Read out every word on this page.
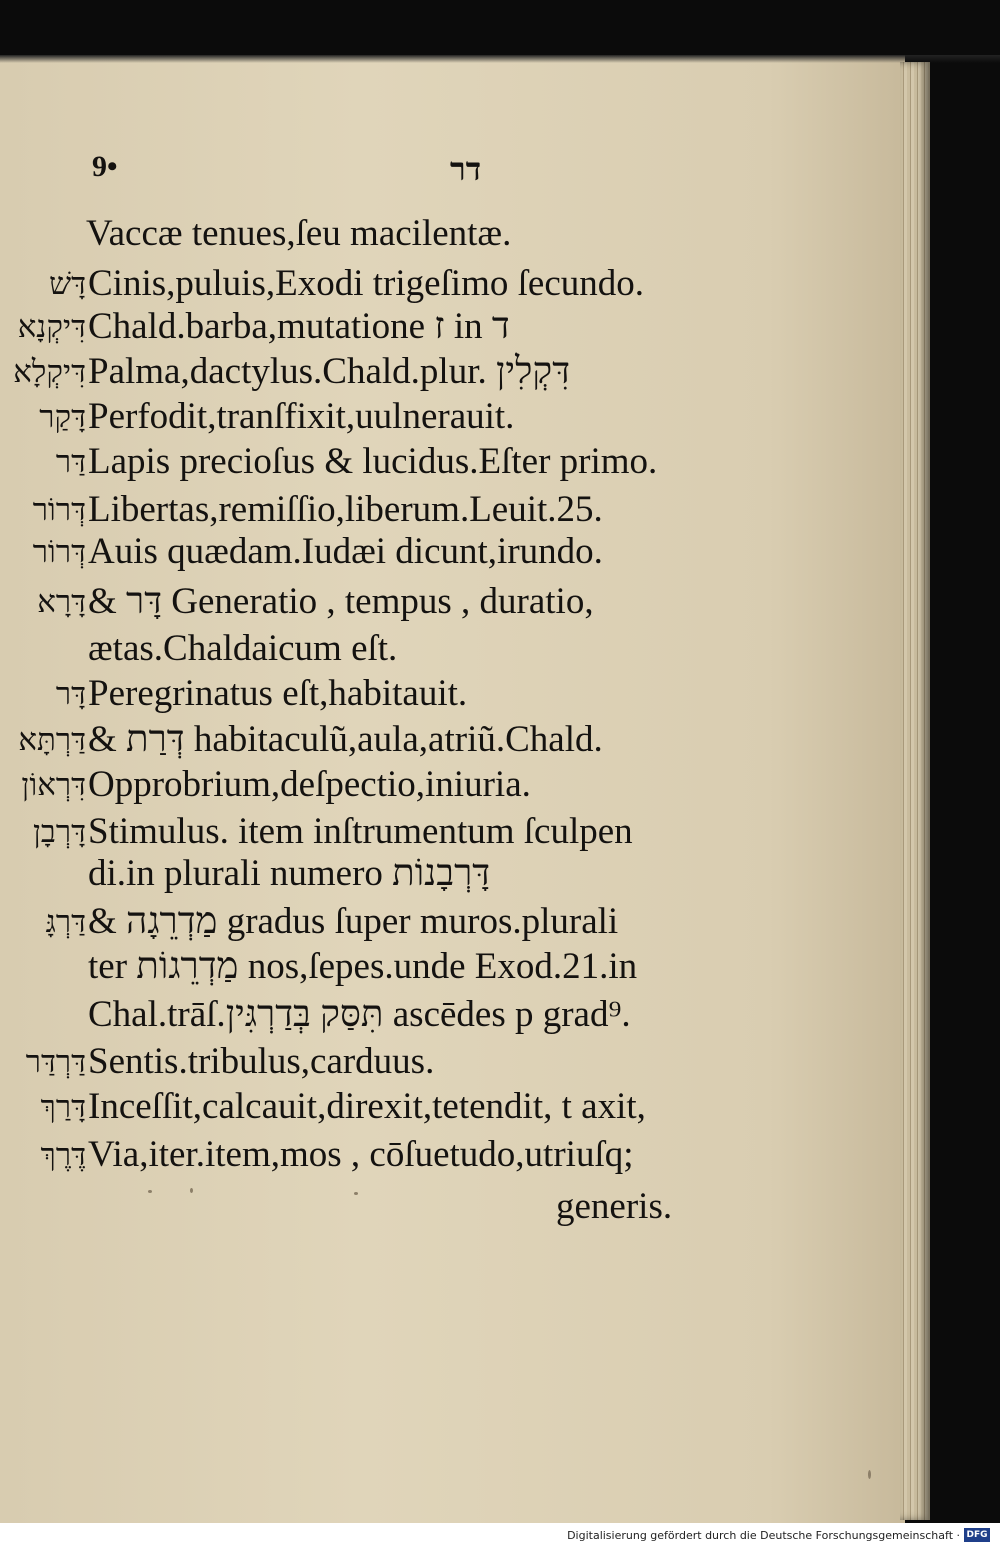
9•	דר
Vaccæ tenues,ſeu macilentæ.
דָּשׁ Cinis,puluis,Exodi trigeſimo ſecundo.
דִּיקְנָא Chald.barba,mutatione ז in ד
דִּיקְלָא Palma,dactylus.Chald.plur. דִּקְלִין
דָּקַר Perfodit,tranſfixit,uulnerauit.
דַּר Lapis precioſus & lucidus.Eſter primo.
דְּרוֹר Libertas,remiſſio,liberum.Leuit.25.
דְּרוֹר Auis quædam.Iudæi dicunt,irundo.
דָּרָא & דָּר Generatio , tempus , duratio,
ætas.Chaldaicum eſt.
דָּר Peregrinatus eſt,habitauit.
דַּרְתָּא & דְּרַת habitaculũ,aula,atriũ.Chald.
דִּרְאוֹן Opprobrium,deſpectio,iniuria.
דָּרְבָן Stimulus. item inſtrumentum ſculpen
di.in plurali numero דָּרְבָנוֹת
דַּרְגָּ & מַדְרֵגָה gradus ſuper muros.plurali
ter מַדְרֵגוֹת nos,ſepes.unde Exod.21.in
Chal.trāſ.תִּסַּק בְּדַרְגִּין ascēdes p grad⁹.
דַּרְדַּר Sentis.tribulus,carduus.
דָּרַךְ Inceſſit,calcauit,direxit,tetendit, t axit,
דֶּרֶךְ Via,iter.item,mos , cōſuetudo,utriuſq;
generis.
Digitalisierung gefördert durch die Deutsche Forschungsgemeinschaft · DFG
